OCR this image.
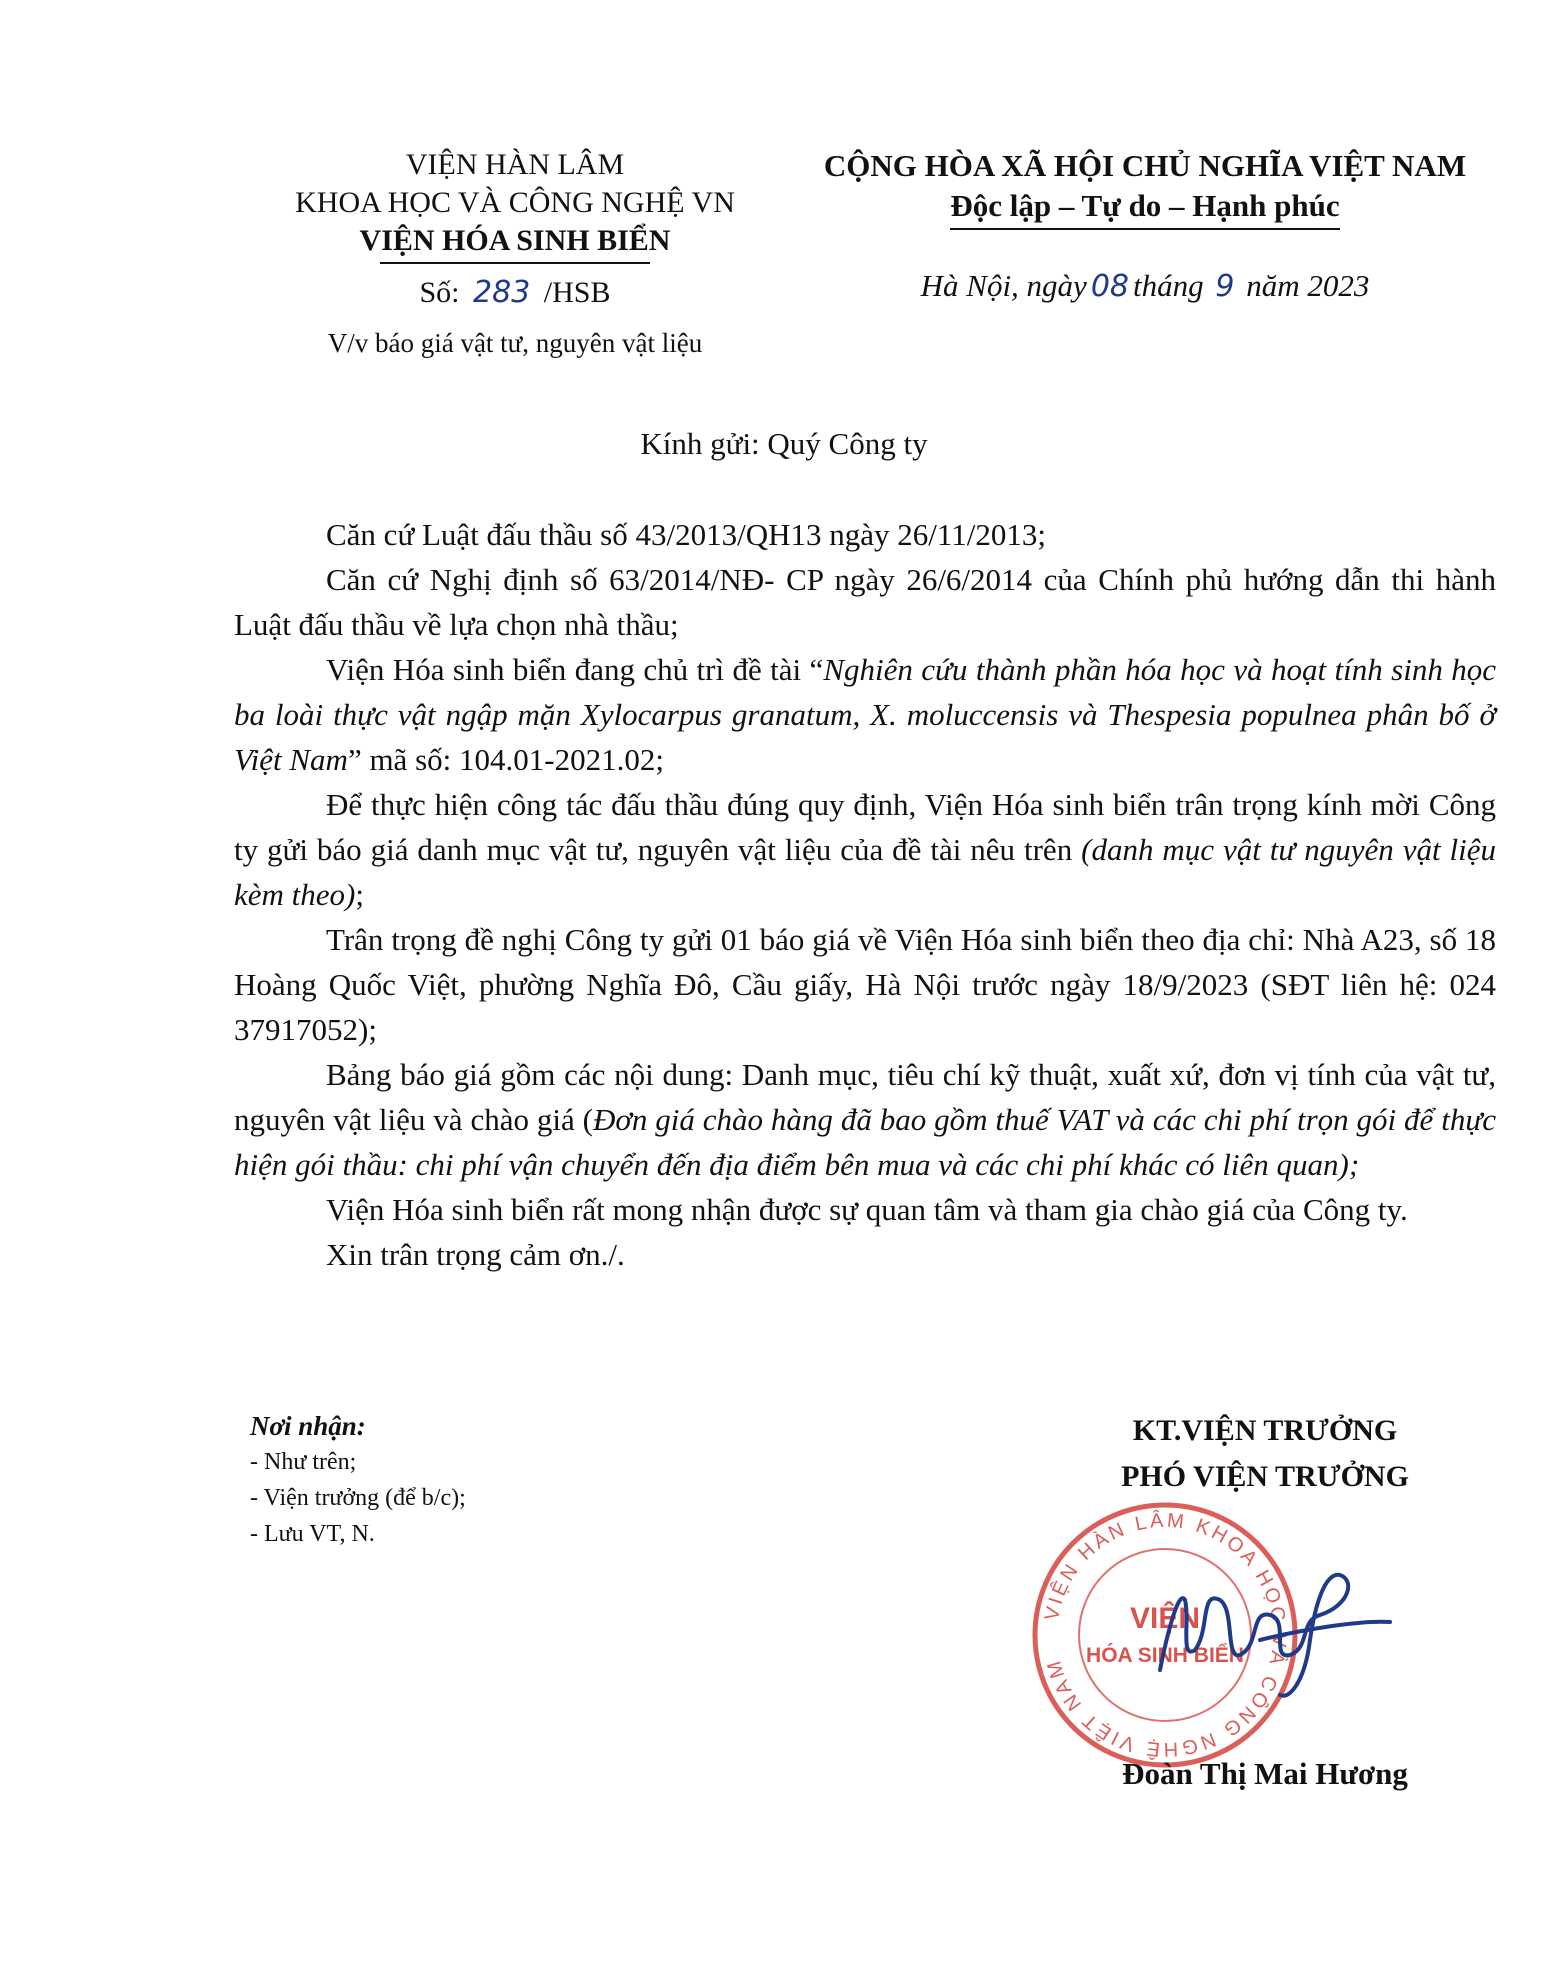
VIỆN HÀN LÂM
KHOA HỌC VÀ CÔNG NGHỆ VN
VIỆN HÓA SINH BIỂN
Số: 283 /HSB
V/v báo giá vật tư, nguyên vật liệu
CỘNG HÒA XÃ HỘI CHỦ NGHĨA VIỆT NAM
Độc lập – Tự do – Hạnh phúc
Hà Nội, ngày 08 tháng 9 năm 2023
Kính gửi: Quý Công ty

Căn cứ Luật đấu thầu số 43/2013/QH13 ngày 26/11/2013;

Căn cứ Nghị định số 63/2014/NĐ- CP ngày 26/6/2014 của Chính phủ hướng dẫn thi hành Luật đấu thầu về lựa chọn nhà thầu;

Viện Hóa sinh biển đang chủ trì đề tài “Nghiên cứu thành phần hóa học và hoạt tính sinh học ba loài thực vật ngập mặn Xylocarpus granatum, X. moluccensis và Thespesia populnea phân bố ở Việt Nam” mã số: 104.01-2021.02;

Để thực hiện công tác đấu thầu đúng quy định, Viện Hóa sinh biển trân trọng kính mời Công ty gửi báo giá danh mục vật tư, nguyên vật liệu của đề tài nêu trên (danh mục vật tư nguyên vật liệu kèm theo);

Trân trọng đề nghị Công ty gửi 01 báo giá về Viện Hóa sinh biển theo địa chỉ: Nhà A23, số 18 Hoàng Quốc Việt, phường Nghĩa Đô, Cầu giấy, Hà Nội trước ngày 18/9/2023 (SĐT liên hệ: 024 37917052);

Bảng báo giá gồm các nội dung: Danh mục, tiêu chí kỹ thuật, xuất xứ, đơn vị tính của vật tư, nguyên vật liệu và chào giá (Đơn giá chào hàng đã bao gồm thuế VAT và các chi phí trọn gói để thực hiện gói thầu: chi phí vận chuyển đến địa điểm bên mua và các chi phí khác có liên quan);

Viện Hóa sinh biển rất mong nhận được sự quan tâm và tham gia chào giá của Công ty.

Xin trân trọng cảm ơn./.

Nơi nhận:
- Như trên;
- Viện trưởng (để b/c);
- Lưu VT, N.
KT.VIỆN TRƯỞNG
PHÓ VIỆN TRƯỞNG
VIỆN HÀN LÂM KHOA HỌC VÀ CÔNG NGHỆ VIỆT NAM
VIỆN
HÓA SINH BIỂN
Đoàn Thị Mai Hương
